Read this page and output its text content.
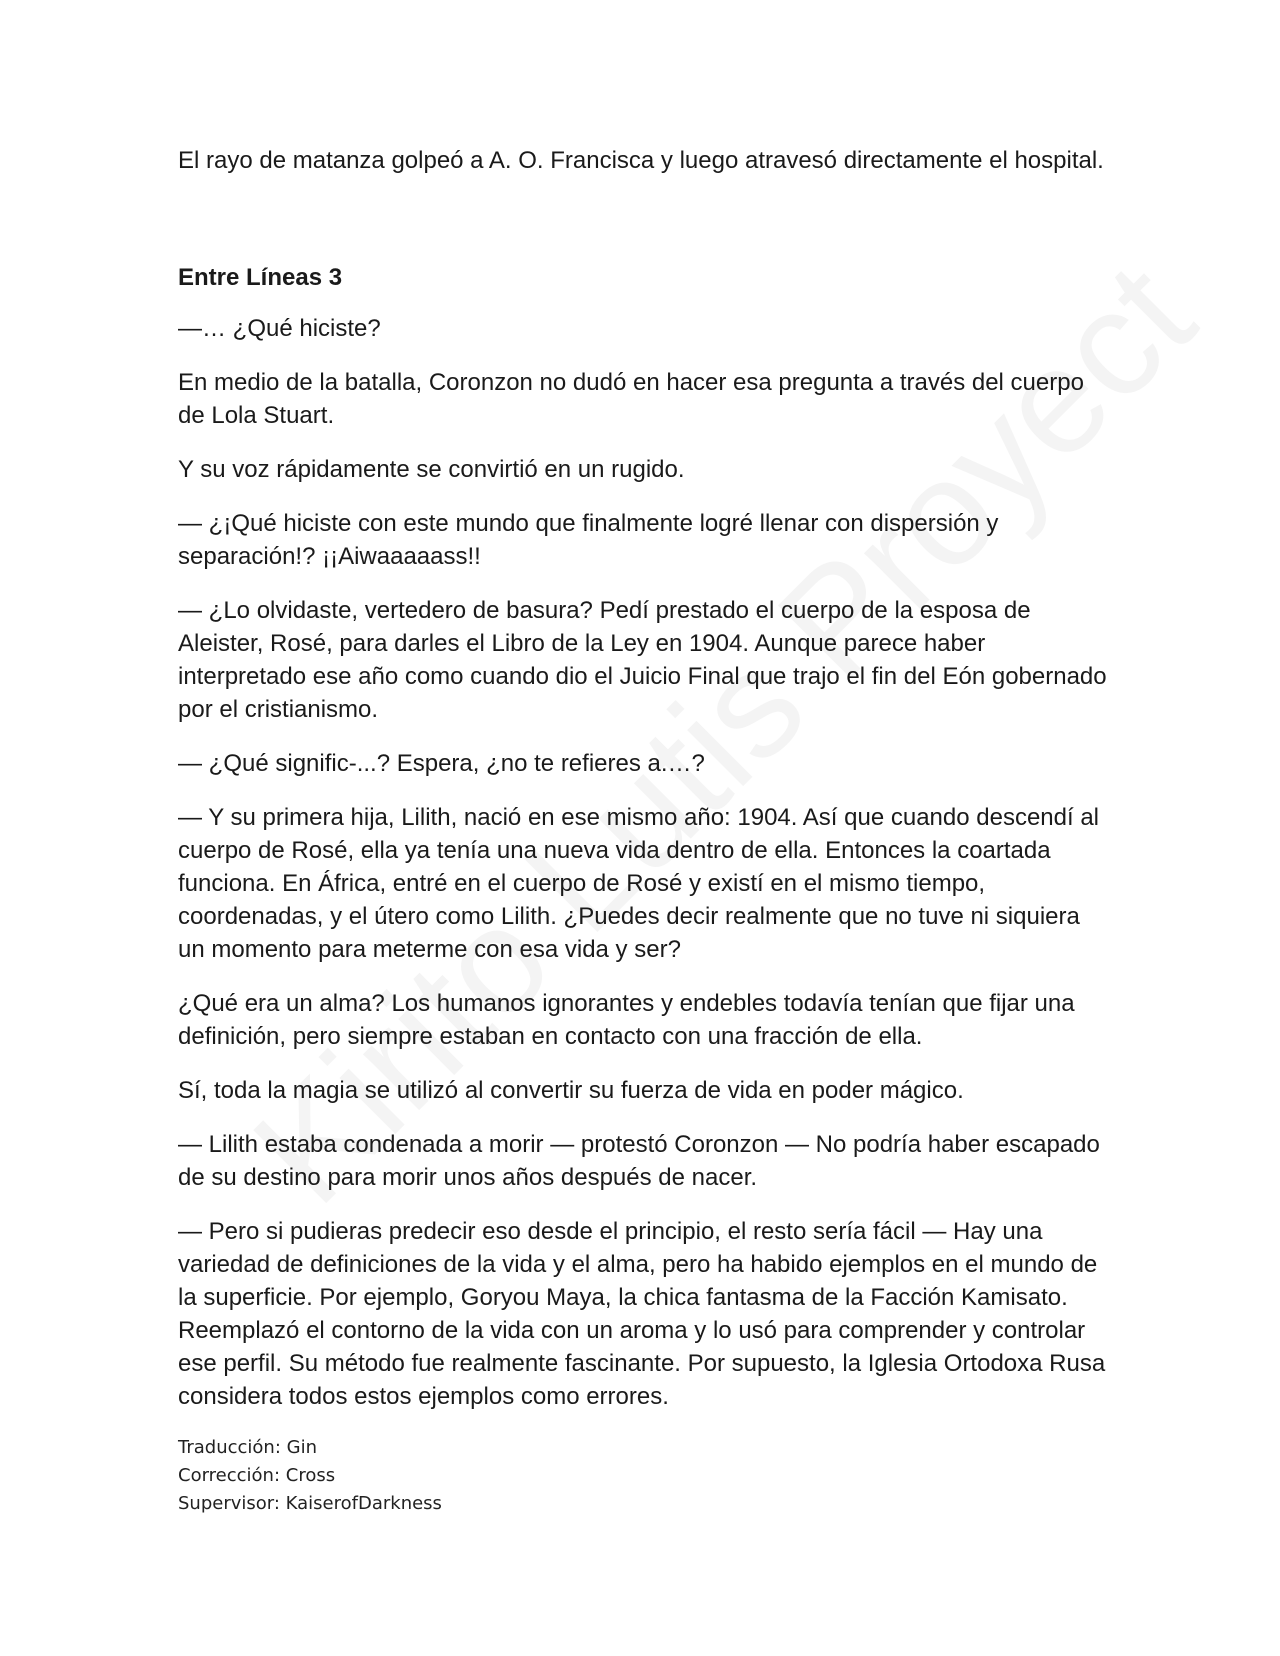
El rayo de matanza golpeó a A. O. Francisca y luego atravesó directamente el hospital.

Entre Líneas 3

—… ¿Qué hiciste?

En medio de la batalla, Coronzon no dudó en hacer esa pregunta a través del cuerpo de Lola Stuart.

Y su voz rápidamente se convirtió en un rugido.

— ¿¡Qué hiciste con este mundo que finalmente logré llenar con dispersión y separación!? ¡¡Aiwaaaaass!!

— ¿Lo olvidaste, vertedero de basura? Pedí prestado el cuerpo de la esposa de Aleister, Rosé, para darles el Libro de la Ley en 1904. Aunque parece haber interpretado ese año como cuando dio el Juicio Final que trajo el fin del Eón gobernado por el cristianismo.

— ¿Qué signific-...? Espera, ¿no te refieres a.…?

— Y su primera hija, Lilith, nació en ese mismo año: 1904. Así que cuando descendí al cuerpo de Rosé, ella ya tenía una nueva vida dentro de ella. Entonces la coartada funciona. En África, entré en el cuerpo de Rosé y existí en el mismo tiempo, coordenadas, y el útero como Lilith. ¿Puedes decir realmente que no tuve ni siquiera un momento para meterme con esa vida y ser?

¿Qué era un alma? Los humanos ignorantes y endebles todavía tenían que fijar una definición, pero siempre estaban en contacto con una fracción de ella.

Sí, toda la magia se utilizó al convertir su fuerza de vida en poder mágico.

— Lilith estaba condenada a morir — protestó Coronzon — No podría haber escapado de su destino para morir unos años después de nacer.

— Pero si pudieras predecir eso desde el principio, el resto sería fácil — Hay una variedad de definiciones de la vida y el alma, pero ha habido ejemplos en el mundo de la superficie. Por ejemplo, Goryou Maya, la chica fantasma de la Facción Kamisato. Reemplazó el contorno de la vida con un aroma y lo usó para comprender y controlar ese perfil. Su método fue realmente fascinante. Por supuesto, la Iglesia Ortodoxa Rusa considera todos estos ejemplos como errores.

Traducción: Gin
Corrección: Cross
Supervisor: KaiserofDarkness
